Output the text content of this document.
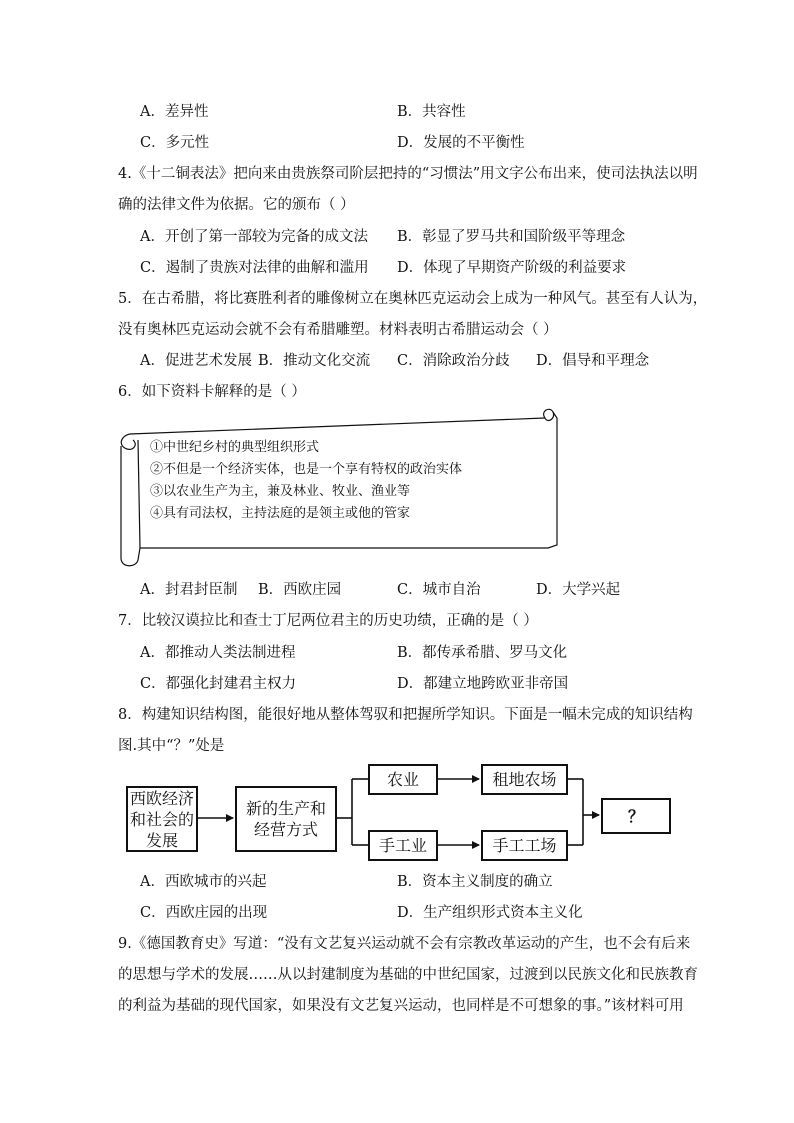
A．差异性	B．共容性
C．多元性	D．发展的不平衡性
4.《十二铜表法》把向来由贵族祭司阶层把持的“习惯法”用文字公布出来，使司法执法以明
确的法律文件为依据。它的颁布（ ）
A．开创了第一部较为完备的成文法 B．彰显了罗马共和国阶级平等理念
C．遏制了贵族对法律的曲解和滥用 D．体现了早期资产阶级的利益要求
5．在古希腊，将比赛胜利者的雕像树立在奥林匹克运动会上成为一种风气。甚至有人认为，
没有奥林匹克运动会就不会有希腊雕塑。材料表明古希腊运动会（ ）
A．促进艺术发展 B．推动文化交流 C．消除政治分歧 D．倡导和平理念
6．如下资料卡解释的是（ ）
①中世纪乡村的典型组织形式
②不但是一个经济实体，也是一个享有特权的政治实体
③以农业生产为主，兼及林业、牧业、渔业等
④具有司法权，主持法庭的是领主或他的管家
A．封君封臣制 B．西欧庄园	C．城市自治	D．大学兴起
7．比较汉谟拉比和查士丁尼两位君主的历史功绩，正确的是（ ）
A．都推动人类法制进程	B．都传承希腊、罗马文化
C．都强化封建君主权力	D．都建立地跨欧亚非帝国
8．构建知识结构图，能很好地从整体驾驭和把握所学知识。下面是一幅未完成的知识结构
图.其中“？”处是
西欧经济和社会的发展
新的生产和经营方式
农业	租地农场
手工业	手工工场
？
A．西欧城市的兴起	B．资本主义制度的确立
C．西欧庄园的出现	D．生产组织形式资本主义化
9.《德国教育史》写道：“没有文艺复兴运动就不会有宗教改革运动的产生，也不会有后来
的思想与学术的发展……从以封建制度为基础的中世纪国家，过渡到以民族文化和民族教育
的利益为基础的现代国家，如果没有文艺复兴运动，也同样是不可想象的事。”该材料可用
